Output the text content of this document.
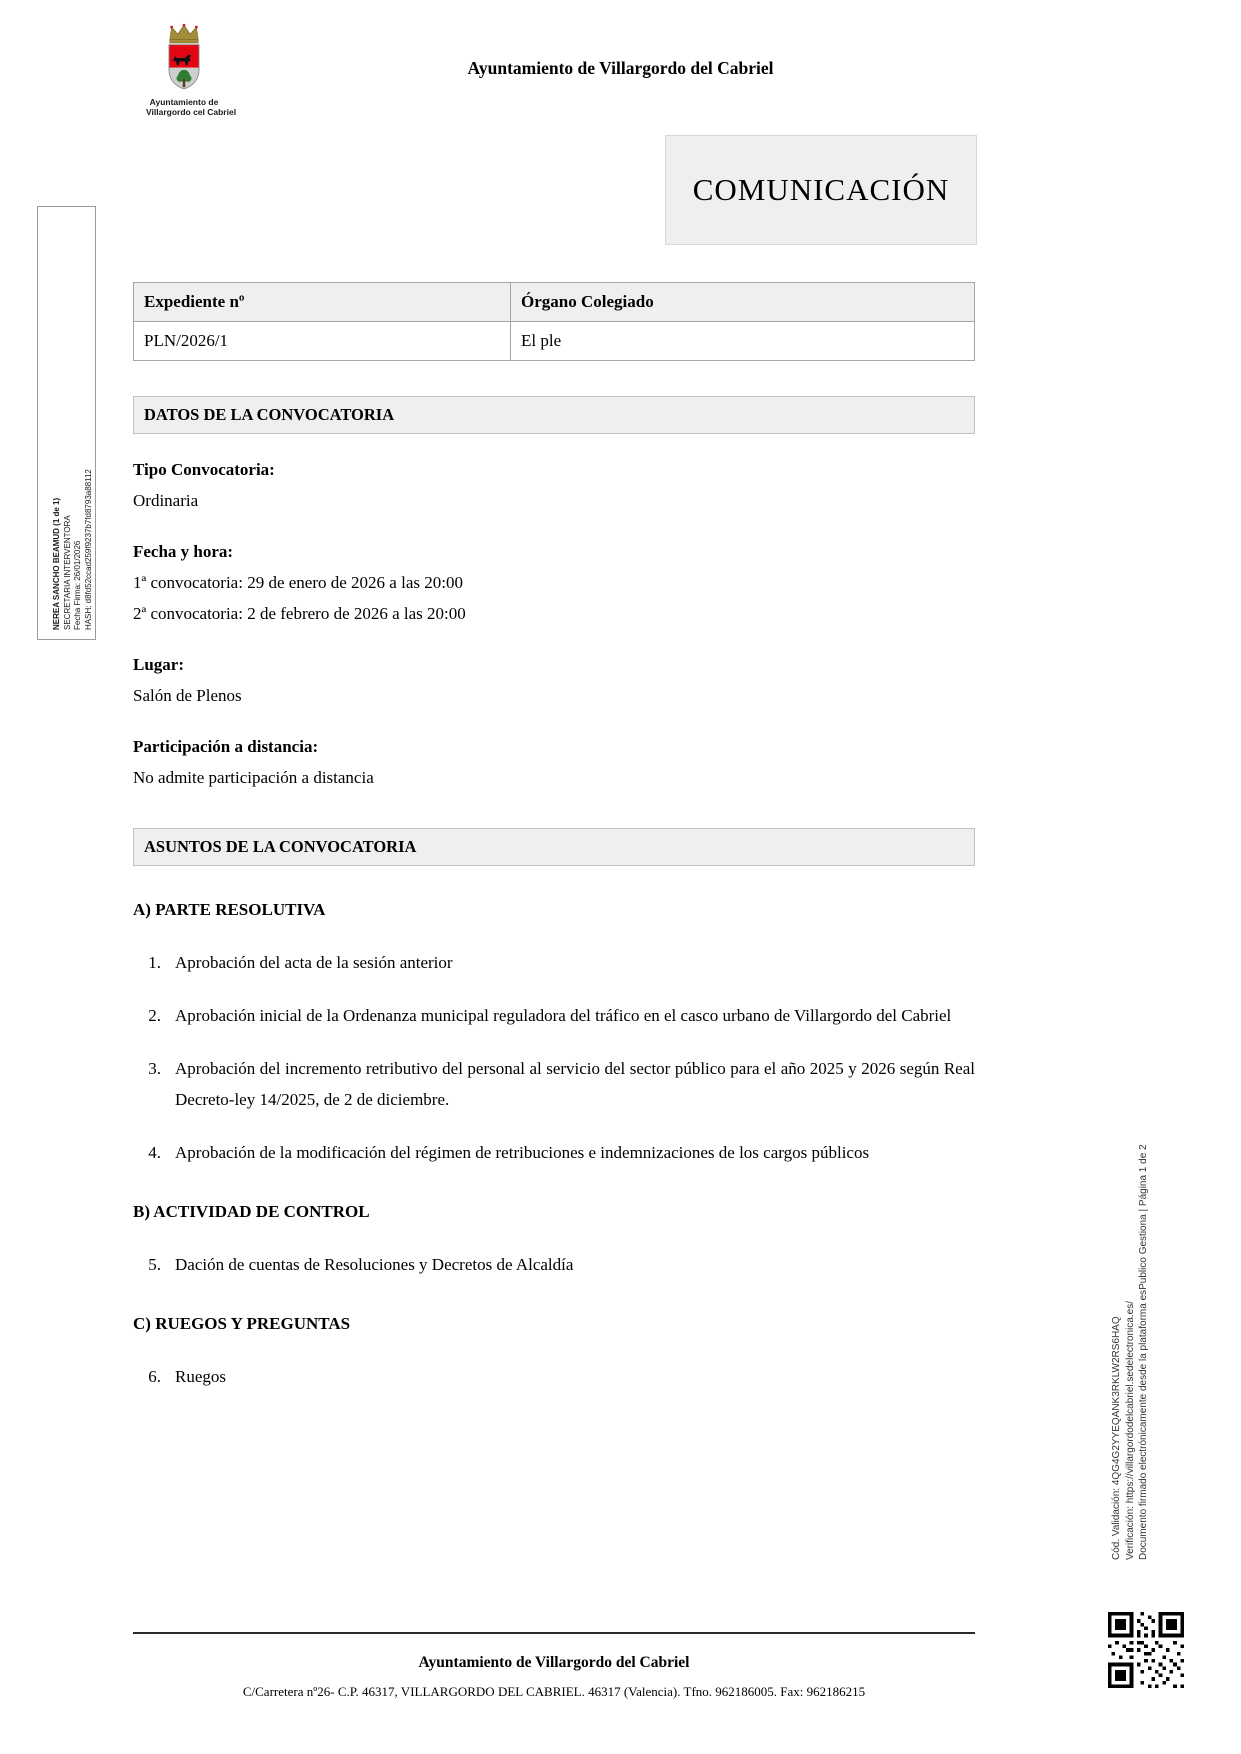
Ayuntamiento de
Villargordo cel Cabriel
Ayuntamiento de Villargordo del Cabriel
COMUNICACIÓN
NEREA SANCHO BEAMUD (1 de 1) SECRETARIA INTERVENTORA Fecha Firma: 26/01/2026 HASH: d8fd52ccad259f9237b7fd8793a88112
Expediente nº	Órgano Colegiado
PLN/2026/1	El ple
DATOS DE LA CONVOCATORIA
Tipo Convocatoria:
Ordinaria
Fecha y hora:
1ª convocatoria: 29 de enero de 2026 a las 20:00
2ª convocatoria: 2 de febrero de 2026 a las 20:00
Lugar:
Salón de Plenos
Participación a distancia:
No admite participación a distancia
ASUNTOS DE LA CONVOCATORIA
A) PARTE RESOLUTIVA
1. Aprobación del acta de la sesión anterior
2. Aprobación inicial de la Ordenanza municipal reguladora del tráfico en el casco urbano de Villargordo del Cabriel
3. Aprobación del incremento retributivo del personal al servicio del sector público para el año 2025 y 2026 según Real Decreto-ley 14/2025, de 2 de diciembre.
4. Aprobación de la modificación del régimen de retribuciones e indemnizaciones de los cargos públicos
B) ACTIVIDAD DE CONTROL
5. Dación de cuentas de Resoluciones y Decretos de Alcaldía
C) RUEGOS Y PREGUNTAS
6. Ruegos
Ayuntamiento de Villargordo del Cabriel
C/Carretera nº26- C.P. 46317, VILLARGORDO DEL CABRIEL. 46317 (Valencia). Tfno. 962186005. Fax: 962186215
Cód. Validación: 4QG4G2YYEQANK3RKLW2RS6HAQ Verificación: https://villargordodelcabriel.sedelectronica.es/ Documento firmado electrónicamente desde la plataforma esPublico Gestiona | Página 1 de 2
